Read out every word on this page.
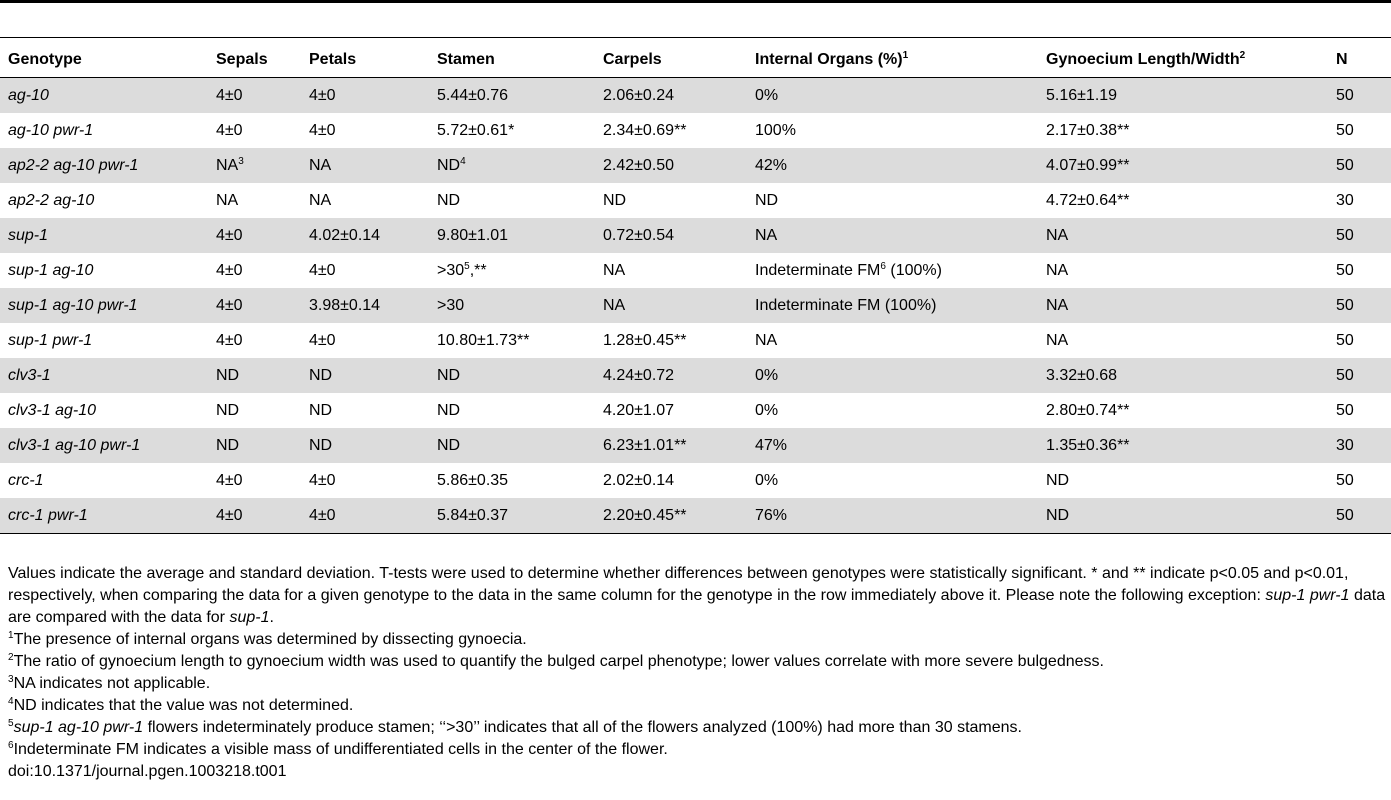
Genotype	Sepals	Petals	Stamen	Carpels	Internal Organs (%)$^1$	Gynoecium Length/Width$^2$	N
ag-10	4±0	4±0	5.44±0.76	2.06±0.24	0%	5.16±1.19	50
ag-10 pwr-1	4±0	4±0	5.72±0.61*	2.34±0.69**	100%	2.17±0.38**	50
ap2-2 ag-10 pwr-1	$NA^3$	NA	$ND^4$	2.42±0.50	42%	4.07±0.99**	50
ap2-2 ag-10	NA	NA	ND	ND	ND	4.72±0.64**	30
sup-1	4±0	4.02±0.14	9.80±1.01	0.72±0.54	NA	NA	50
sup-1 ag-10	4±0	4±0	$>30^5,**$	NA	Indeterminate $FM^6$ (100%)	NA	50
sup-1 ag-10 pwr-1	4±0	3.98±0.14	>30	NA	Indeterminate FM (100%)	NA	50
sup-1 pwr-1	4±0	4±0	10.80±1.73**	1.28±0.45**	NA	NA	50
clv3-1	ND	ND	ND	4.24±0.72	0%	3.32±0.68	50
clv3-1 ag-10	ND	ND	ND	4.20±1.07	0%	2.80±0.74**	50
clv3-1 ag-10 pwr-1	ND	ND	ND	6.23±1.01**	47%	1.35±0.36**	30
crc-1	4±0	4±0	5.86±0.35	2.02±0.14	0%	ND	50
crc-1 pwr-1	4±0	4±0	5.84±0.37	2.20±0.45**	76%	ND	50

Values indicate the average and standard deviation. T-tests were used to determine whether differences between genotypes were statistically significant. * and ** indicate p<0.05 and p<0.01, respectively, when comparing the data for a given genotype to the data in the same column for the genotype in the row immediately above it. Please note the following exception: sup-1 pwr-1 data are compared with the data for sup-1.

$^1$The presence of internal organs was determined by dissecting gynoecia.

$^2$The ratio of gynoecium length to gynoecium width was used to quantify the bulged carpel phenotype; lower values correlate with more severe bulgedness.

$^3$NA indicates not applicable.

$^4$ND indicates that the value was not determined.

$^5$sup-1 ag-10 pwr-1 flowers indeterminately produce stamen; ‘‘>30’’ indicates that all of the flowers analyzed (100%) had more than 30 stamens.

$^6$Indeterminate FM indicates a visible mass of undifferentiated cells in the center of the flower.

doi:10.1371/journal.pgen.1003218.t001
